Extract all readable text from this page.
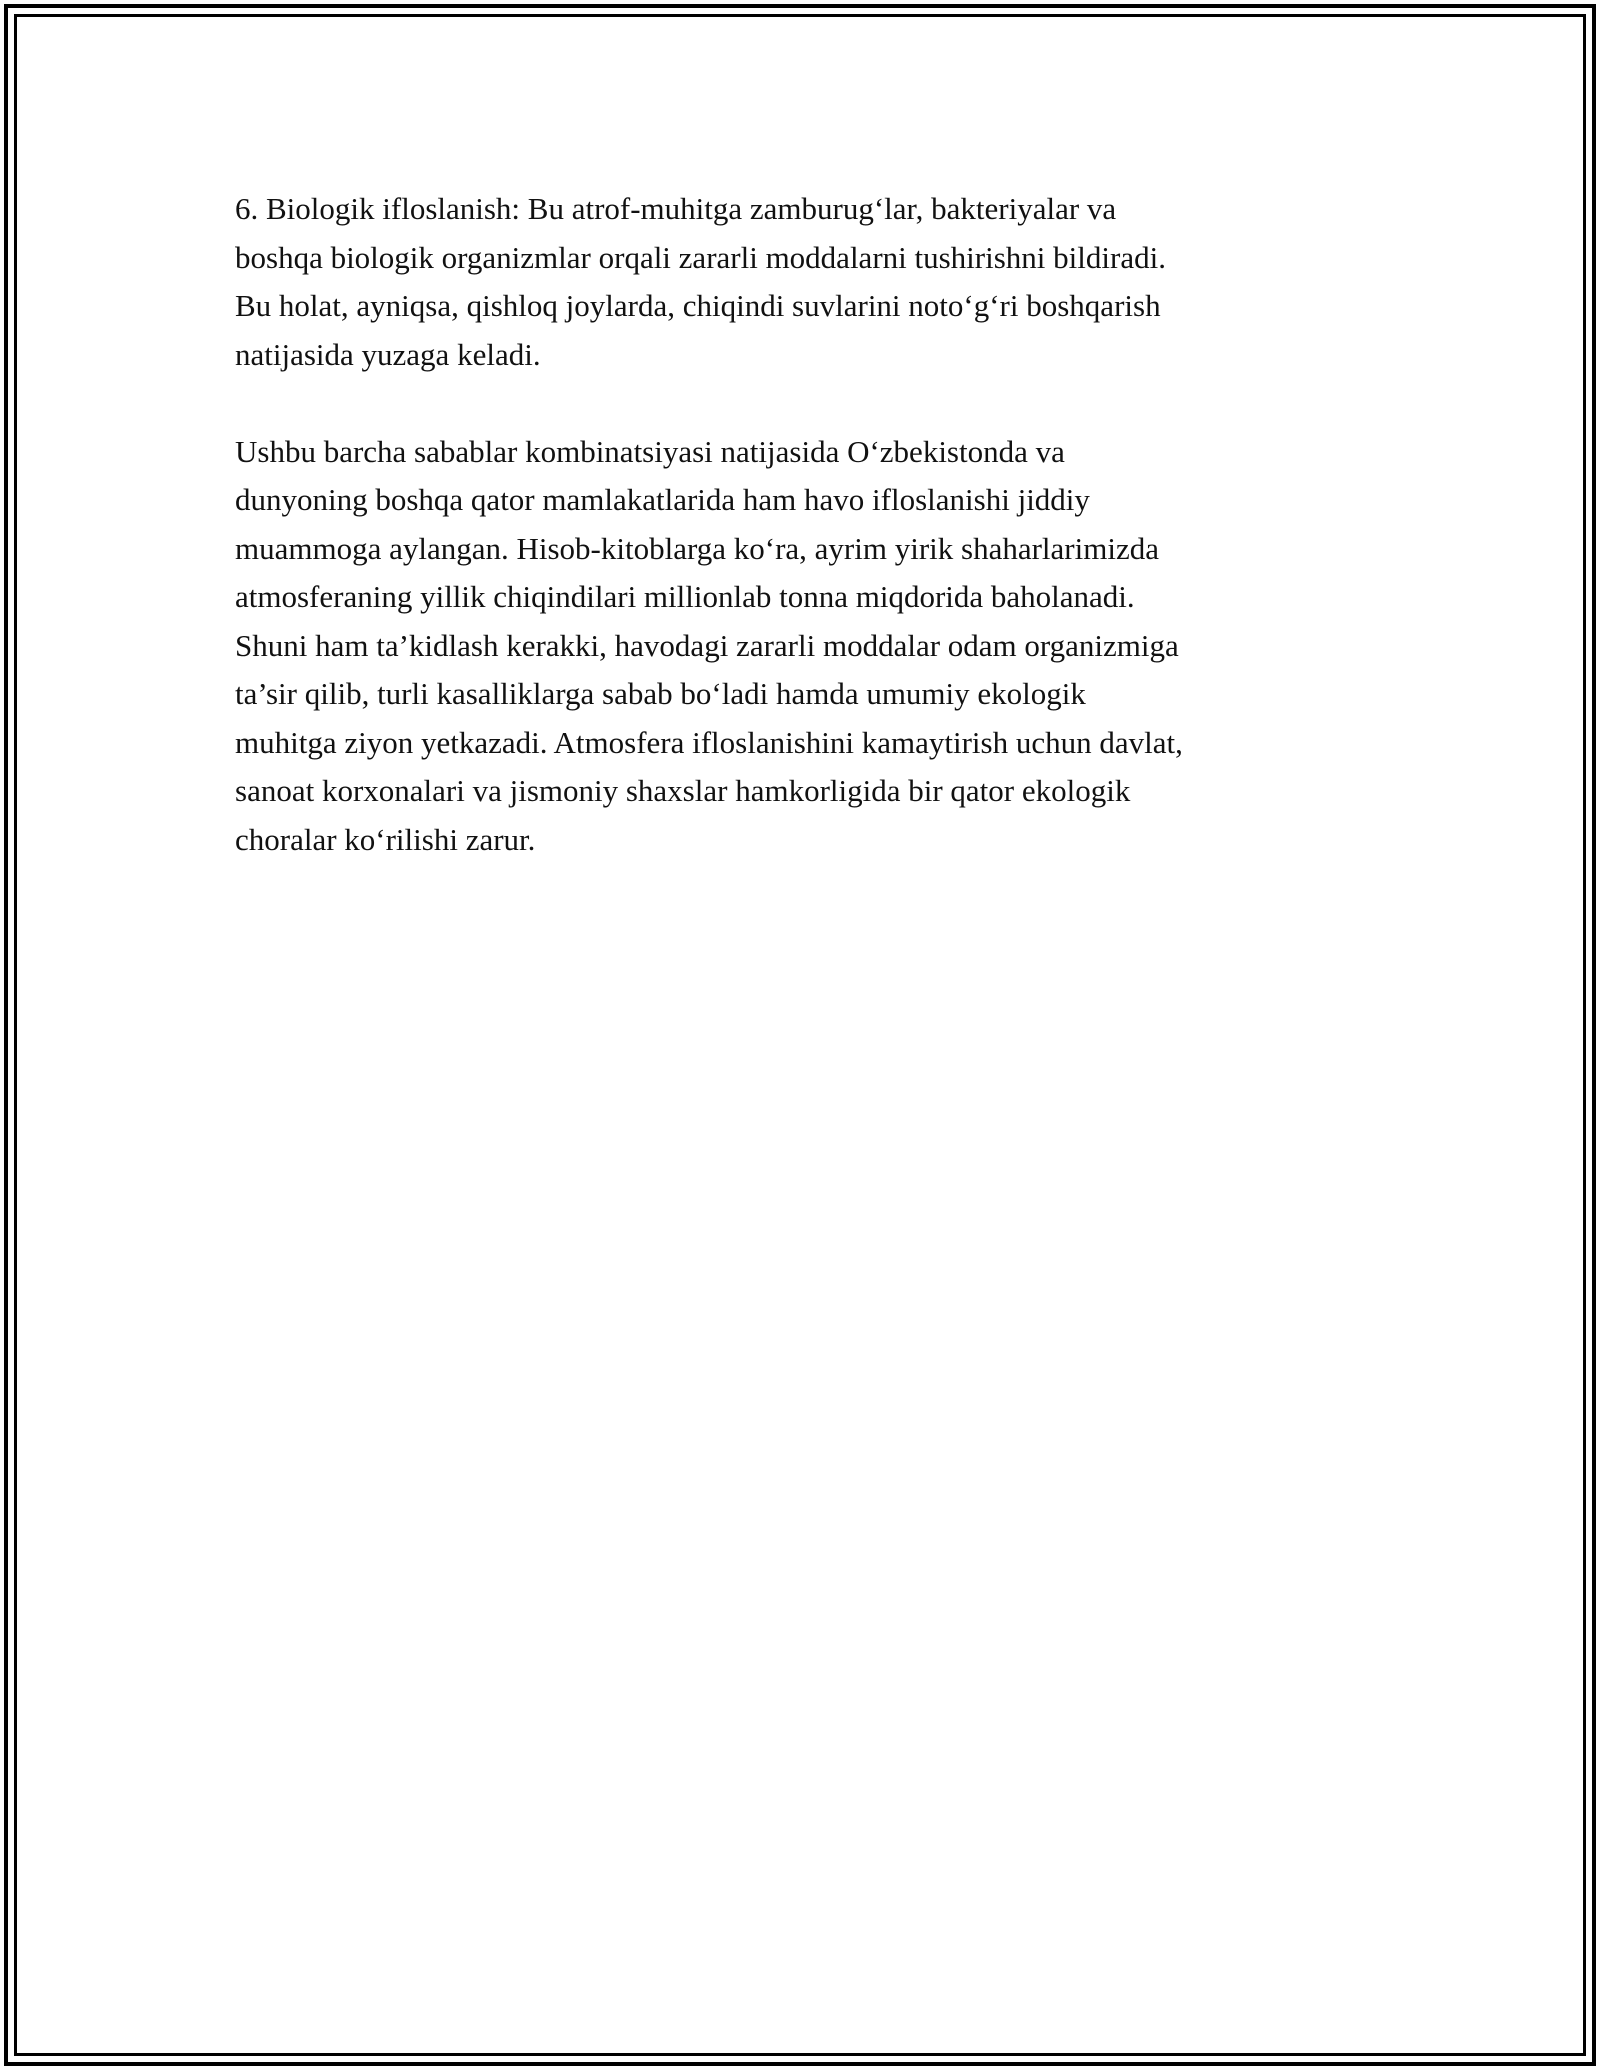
6. Biologik ifloslanish: Bu atrof-muhitga zamburug‘lar, bakteriyalar va
boshqa biologik organizmlar orqali zararli moddalarni tushirishni bildiradi.
Bu holat, ayniqsa, qishloq joylarda, chiqindi suvlarini noto‘g‘ri boshqarish
natijasida yuzaga keladi.

Ushbu barcha sabablar kombinatsiyasi natijasida O‘zbekistonda va
dunyoning boshqa qator mamlakatlarida ham havo ifloslanishi jiddiy
muammoga aylangan. Hisob-kitoblarga ko‘ra, ayrim yirik shaharlarimizda
atmosferaning yillik chiqindilari millionlab tonna miqdorida baholanadi.
Shuni ham ta’kidlash kerakki, havodagi zararli moddalar odam organizmiga
ta’sir qilib, turli kasalliklarga sabab bo‘ladi hamda umumiy ekologik
muhitga ziyon yetkazadi. Atmosfera ifloslanishini kamaytirish uchun davlat,
sanoat korxonalari va jismoniy shaxslar hamkorligida bir qator ekologik
choralar ko‘rilishi zarur.
